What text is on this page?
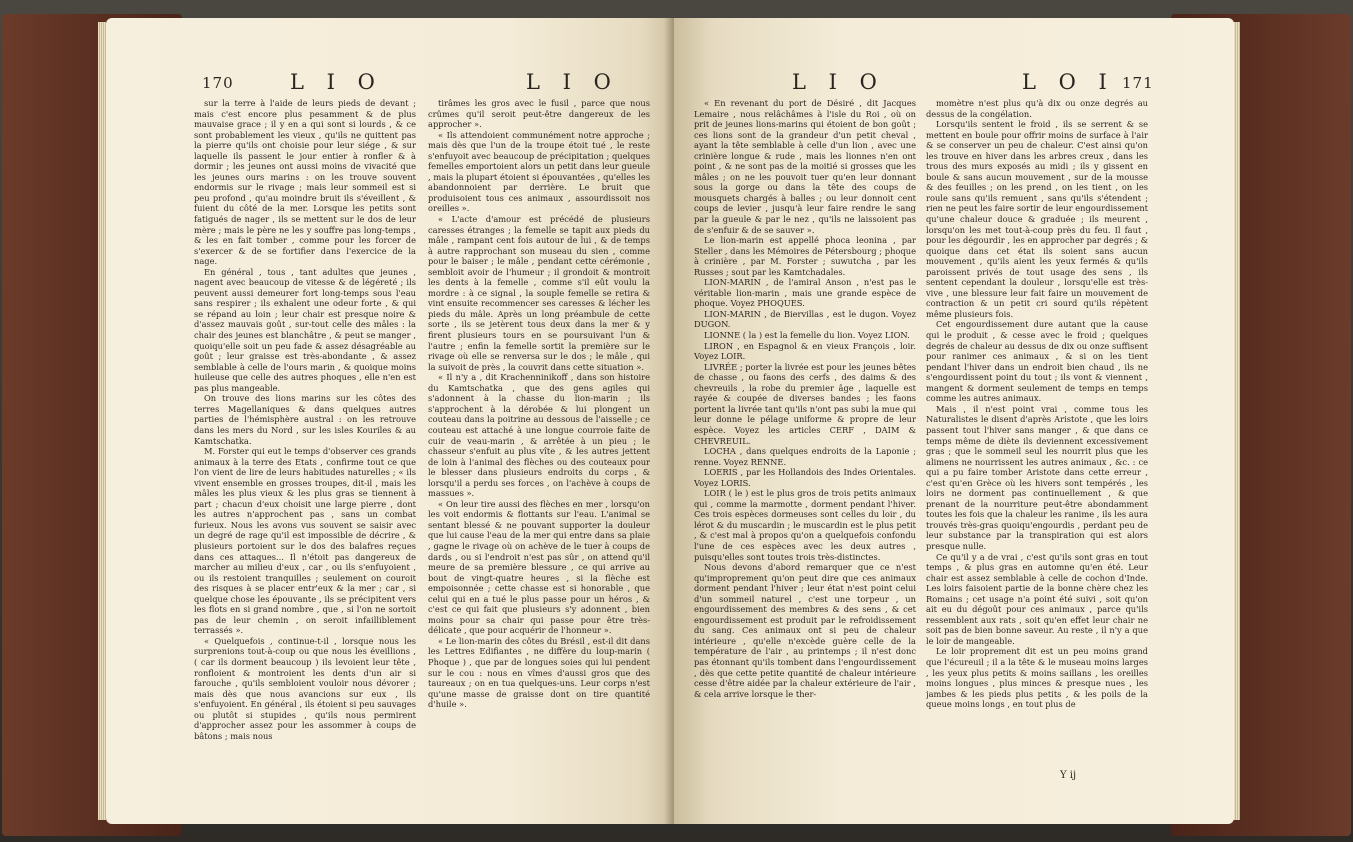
170	L I O	L I O

sur la terre à l'aide de leurs pieds de devant ; mais c'est encore plus pesamment & de plus mauvaise grace ; il y en a qui sont si lourds , & ce sont probablement les vieux , qu'ils ne quittent pas la pierre qu'ils ont choisie pour leur siége , & sur laquelle ils passent le jour entier à ronfler & à dormir ; les jeunes ont aussi moins de vivacité que les jeunes ours marins : on les trouve souvent endormis sur le rivage ; mais leur sommeil est si peu profond , qu'au moindre bruit ils s'éveillent , & fuient du côté de la mer. Lorsque les petits sont fatigués de nager , ils se mettent sur le dos de leur mère ; mais le père ne les y souffre pas long-temps , & les en fait tomber , comme pour les forcer de s'exercer & de se fortifier dans l'exercice de la nage.

En général , tous , tant adultes que jeunes , nagent avec beaucoup de vitesse & de légéreté ; ils peuvent aussi demeurer fort long-temps sous l'eau sans respirer ; ils exhalent une odeur forte , & qui se répand au loin ; leur chair est presque noire & d'assez mauvais goût , sur-tout celle des mâles : la chair des jeunes est blanchâtre , & peut se manger , quoiqu'elle soit un peu fade & assez désagréable au goût ; leur graisse est très-abondante , & assez semblable à celle de l'ours marin , & quoique moins huileuse que celle des autres phoques , elle n'en est pas plus mangeable.

On trouve des lions marins sur les côtes des terres Magellaniques & dans quelques autres parties de l'hémisphère austral : on les retrouve dans les mers du Nord , sur les isles Kouriles & au Kamtschatka.

M. Forster qui eut le temps d'observer ces grands animaux à la terre des Etats , confirme tout ce que l'on vient de lire de leurs habitudes naturelles ; « ils vivent ensemble en grosses troupes, dit-il , mais les mâles les plus vieux & les plus gras se tiennent à part ; chacun d'eux choisit une large pierre , dont les autres n'approchent pas , sans un combat furieux. Nous les avons vus souvent se saisir avec un degré de rage qu'il est impossible de décrire , & plusieurs portoient sur le dos des balafres reçues dans ces attaques... Il n'étoit pas dangereux de marcher au milieu d'eux , car , ou ils s'enfuyoient , ou ils restoient tranquilles ; seulement on couroit des risques à se placer entr'eux & la mer ; car , si quelque chose les épouvante , ils se précipitent vers les flots en si grand nombre , que , si l'on ne sortoit pas de leur chemin , on seroit infailliblement terrassés ».

« Quelquefois , continue-t-il , lorsque nous les surprenions tout-à-coup ou que nous les éveillions , ( car ils dorment beaucoup ) ils levoient leur tête , ronfloient & montroient les dents d'un air si farouche , qu'ils sembloient vouloir nous dévorer ; mais dès que nous avancions sur eux , ils s'enfuyoient. En général , ils étoient si peu sauvages ou plutôt si stupides , qu'ils nous permirent d'approcher assez pour les assommer à coups de bâtons ; mais nous

tirâmes les gros avec le fusil , parce que nous crûmes qu'il seroit peut-être dangereux de les approcher ».

« Ils attendoient communément notre approche ; mais dès que l'un de la troupe étoit tué , le reste s'enfuyoit avec beaucoup de précipitation ; quelques femelles emportoient alors un petit dans leur gueule , mais la plupart étoient si épouvantées , qu'elles les abandonnoient par derrière. Le bruit que produisoient tous ces animaux , assourdissoit nos oreilles ».

« L'acte d'amour est précédé de plusieurs caresses étranges ; la femelle se tapit aux pieds du mâle , rampant cent fois autour de lui , & de temps à autre rapprochant son museau du sien , comme pour le baiser ; le mâle , pendant cette cérémonie , sembloit avoir de l'humeur ; il grondoit & montroit les dents à la femelle , comme s'il eût voulu la mordre : à ce signal , la souple femelle se retira & vint ensuite recommencer ses caresses & lécher les pieds du mâle. Après un long préambule de cette sorte , ils se jetèrent tous deux dans la mer & y firent plusieurs tours en se poursuivant l'un & l'autre ; enfin la femelle sortit la première sur le rivage où elle se renversa sur le dos ; le mâle , qui la suivoit de près , la couvrit dans cette situation ».

« Il n'y a , dit Krachenninikoff , dans son histoire du Kamtschatka , que des gens agiles qui s'adonnent à la chasse du lion-marin ; ils s'approchent à la dérobée & lui plongent un couteau dans la poitrine au dessous de l'aisselle ; ce couteau est attaché à une longue courroie faite de cuir de veau-marin , & arrêtée à un pieu ; le chasseur s'enfuit au plus vîte , & les autres jettent de loin à l'animal des flèches ou des couteaux pour le blesser dans plusieurs endroits du corps , & lorsqu'il a perdu ses forces , on l'achève à coups de massues ».

« On leur tire aussi des flèches en mer , lorsqu'on les voit endormis & flottants sur l'eau. L'animal se sentant blessé & ne pouvant supporter la douleur que lui cause l'eau de la mer qui entre dans sa plaie , gagne le rivage où on achève de le tuer à coups de dards , ou si l'endroit n'est pas sûr , on attend qu'il meure de sa première blessure , ce qui arrive au bout de vingt-quatre heures , si la flèche est empoisonnée ; cette chasse est si honorable , que celui qui en a tué le plus passe pour un héros , & c'est ce qui fait que plusieurs s'y adonnent , bien moins pour sa chair qui passe pour être très-délicate , que pour acquérir de l'honneur ».

« Le lion-marin des côtes du Brésil , est-il dit dans les Lettres Edifiantes , ne diffère du loup-marin ( Phoque ) , que par de longues soies qui lui pendent sur le cou : nous en vîmes d'aussi gros que des taureaux ; on en tua quelques-uns. Leur corps n'est qu'une masse de graisse dont on tire quantité d'huile ».

L I O	L O I 171

« En revenant du port de Désiré , dit Jacques Lemaire , nous relâchâmes à l'isle du Roi , où on prit de jeunes lions-marins qui étoient de bon goût ; ces lions sont de la grandeur d'un petit cheval , ayant la tête semblable à celle d'un lion , avec une crinière longue & rude , mais les lionnes n'en ont point , & ne sont pas de la moitié si grosses que les mâles ; on ne les pouvoit tuer qu'en leur donnant sous la gorge ou dans la tête des coups de mousquets chargés à balles ; ou leur donnoit cent coups de levier , jusqu'à leur faire rendre le sang par la gueule & par le nez , qu'ils ne laissoient pas de s'enfuir & de se sauver ».

Le lion-marin est appellé phoca leonina , par Steller , dans les Mémoires de Pétersbourg ; phoque à crinière , par M. Forster ; suwutcha , par les Russes ; sout par les Kamtchadales.

LION-MARIN , de l'amiral Anson , n'est pas le véritable lion-marin , mais une grande espèce de phoque. Voyez PHOQUES.

LION-MARIN , de Biervillas , est le dugon. Voyez DUGON.

LIONNE ( la ) est la femelle du lion. Voyez LION.

LIRON , en Espagnol & en vieux François , loir. Voyez LOIR.

LIVRÉE ; porter la livrée est pour les jeunes bêtes de chasse , ou faons des cerfs , des daims & des chevreuils , la robe du premier âge , laquelle est rayée & coupée de diverses bandes ; les faons portent la livrée tant qu'ils n'ont pas subi la mue qui leur donne le pélage uniforme & propre de leur espèce. Voyez les articles CERF , DAIM & CHEVREUIL.

LOCHA , dans quelques endroits de la Laponie ; renne. Voyez RENNE.

LOERIS , par les Hollandois des Indes Orientales. Voyez LORIS.

LOIR ( le ) est le plus gros de trois petits animaux qui , comme la marmotte , dorment pendant l'hiver. Ces trois espèces dormeuses sont celles du loir , du lérot & du muscardin ; le muscardin est le plus petit , & c'est mal à propos qu'on a quelquefois confondu l'une de ces espèces avec les deux autres , puisqu'elles sont toutes trois très-distinctes.

Nous devons d'abord remarquer que ce n'est qu'improprement qu'on peut dire que ces animaux dorment pendant l'hiver ; leur état n'est point celui d'un sommeil naturel , c'est une torpeur , un engourdissement des membres & des sens , & cet engourdissement est produit par le refroidissement du sang. Ces animaux ont si peu de chaleur intérieure , qu'elle n'excède guère celle de la température de l'air , au printemps ; il n'est donc pas étonnant qu'ils tombent dans l'engourdissement , dès que cette petite quantité de chaleur intérieure cesse d'être aidée par la chaleur extérieure de l'air , & cela arrive lorsque le ther-

momètre n'est plus qu'à dix ou onze degrés au dessus de la congélation.

Lorsqu'ils sentent le froid , ils se serrent & se mettent en boule pour offrir moins de surface à l'air & se conserver un peu de chaleur. C'est ainsi qu'on les trouve en hiver dans les arbres creux , dans les trous des murs exposés au midi ; ils y gissent en boule & sans aucun mouvement , sur de la mousse & des feuilles ; on les prend , on les tient , on les roule sans qu'ils remuent , sans qu'ils s'étendent ; rien ne peut les faire sortir de leur engourdissement qu'une chaleur douce & graduée ; ils meurent , lorsqu'on les met tout-à-coup près du feu. Il faut , pour les dégourdir , les en approcher par degrés ; & quoique dans cet état ils soient sans aucun mouvement , qu'ils aient les yeux fermés & qu'ils paroissent privés de tout usage des sens , ils sentent cependant la douleur , lorsqu'elle est très-vive , une blessure leur fait faire un mouvement de contraction & un petit cri sourd qu'ils répètent même plusieurs fois.

Cet engourdissement dure autant que la cause qui le produit , & cesse avec le froid ; quelques degrés de chaleur au dessus de dix ou onze suffisent pour ranimer ces animaux , & si on les tient pendant l'hiver dans un endroit bien chaud , ils ne s'engourdissent point du tout ; ils vont & viennent , mangent & dorment seulement de temps en temps comme les autres animaux.

Mais , il n'est point vrai , comme tous les Naturalistes le disent d'après Aristote , que les loirs passent tout l'hiver sans manger , & que dans ce temps même de diète ils deviennent excessivement gras ; que le sommeil seul les nourrit plus que les alimens ne nourrissent les autres animaux , &c. : ce qui a pu faire tomber Aristote dans cette erreur , c'est qu'en Grèce où les hivers sont tempérés , les loirs ne dorment pas continuellement , & que prenant de la nourriture peut-être abondamment toutes les fois que la chaleur les ranime , ils les aura trouvés très-gras quoiqu'engourdis , perdant peu de leur substance par la transpiration qui est alors presque nulle.

Ce qu'il y a de vrai , c'est qu'ils sont gras en tout temps , & plus gras en automne qu'en été. Leur chair est assez semblable à celle de cochon d'Inde. Les loirs faisoient partie de la bonne chère chez les Romains ; cet usage n'a point été suivi , soit qu'on ait eu du dégoût pour ces animaux , parce qu'ils ressemblent aux rats , soit qu'en effet leur chair ne soit pas de bien bonne saveur. Au reste , il n'y a que le loir de mangeable.

Le loir proprement dit est un peu moins grand que l'écureuil ; il a la tête & le museau moins larges , les yeux plus petits & moins saillans , les oreilles moins longues , plus minces & presque nues , les jambes & les pieds plus petits , & les poils de la queue moins longs , en tout plus de

Y ij
